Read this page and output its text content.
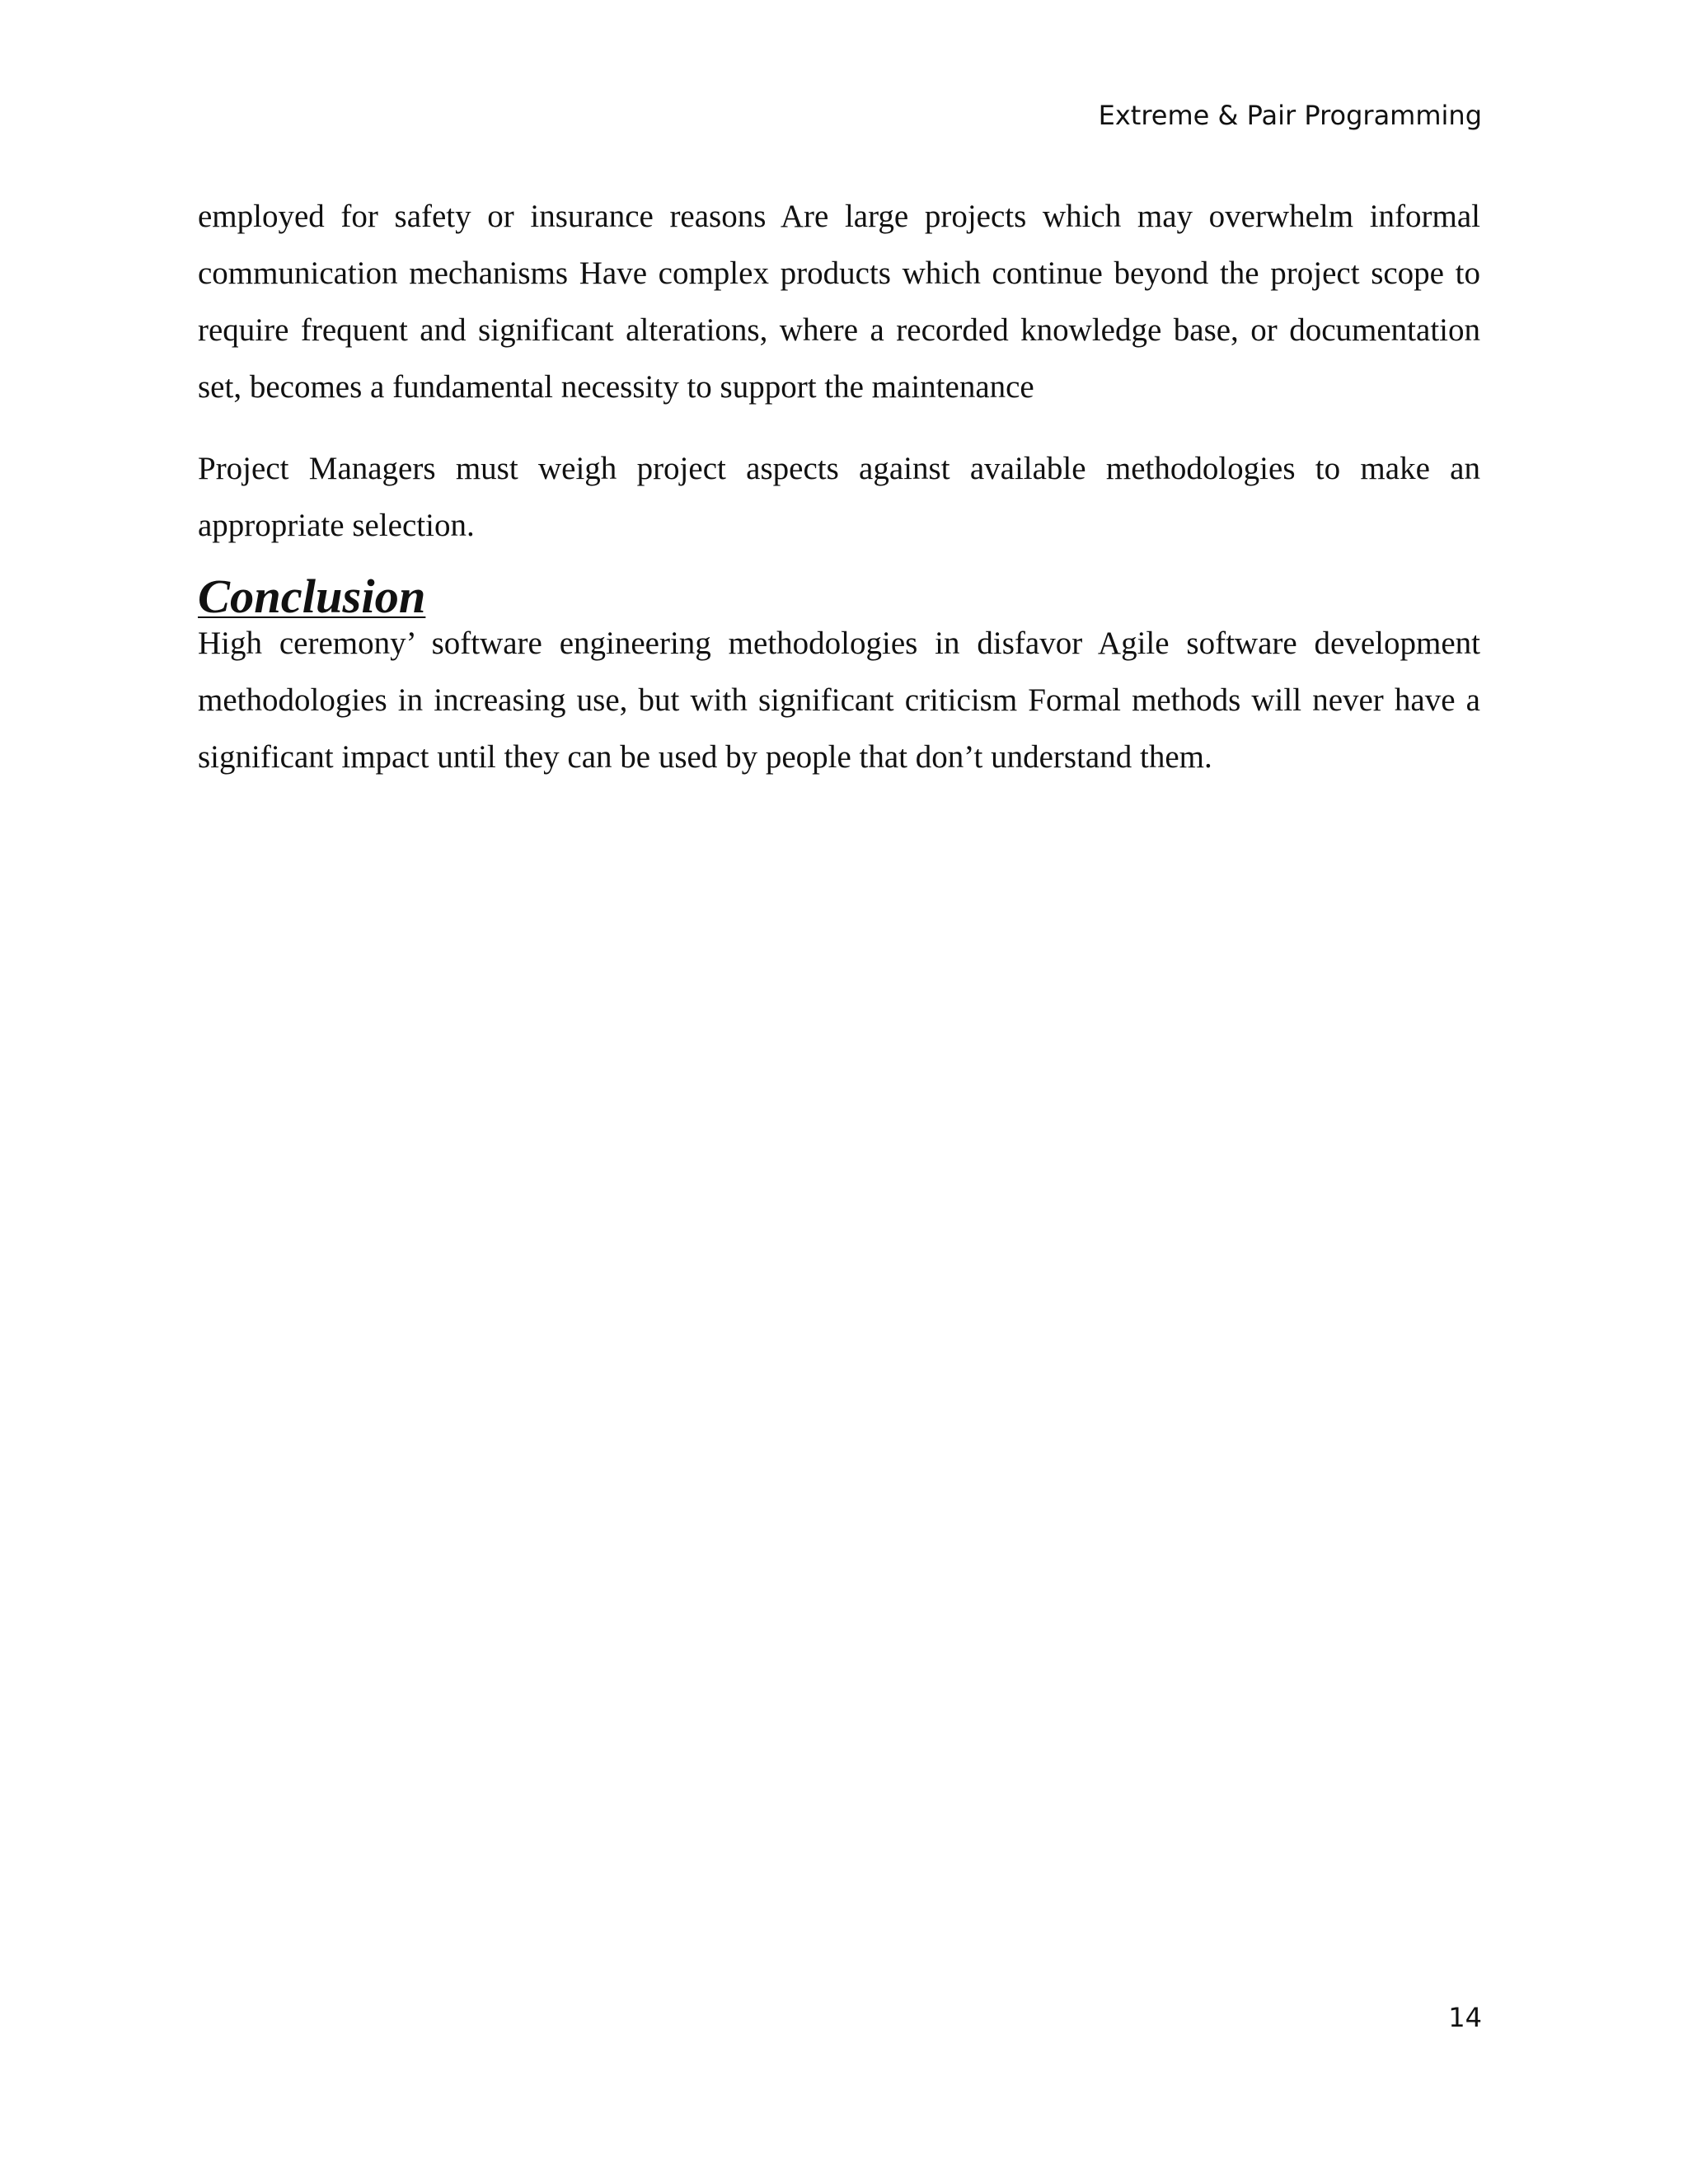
Extreme & Pair Programming

employed for safety or insurance reasons Are large projects which may overwhelm informal communication mechanisms Have complex products which continue beyond the project scope to require frequent and significant alterations, where a recorded knowledge base, or documentation set, becomes a fundamental necessity to support the maintenance

Project Managers must weigh project aspects against available methodologies to make an appropriate selection.

Conclusion

High ceremony’ software engineering methodologies in disfavor Agile software development methodologies in increasing use, but with significant criticism Formal methods will never have a significant impact until they can be used by people that don’t understand them.

14
